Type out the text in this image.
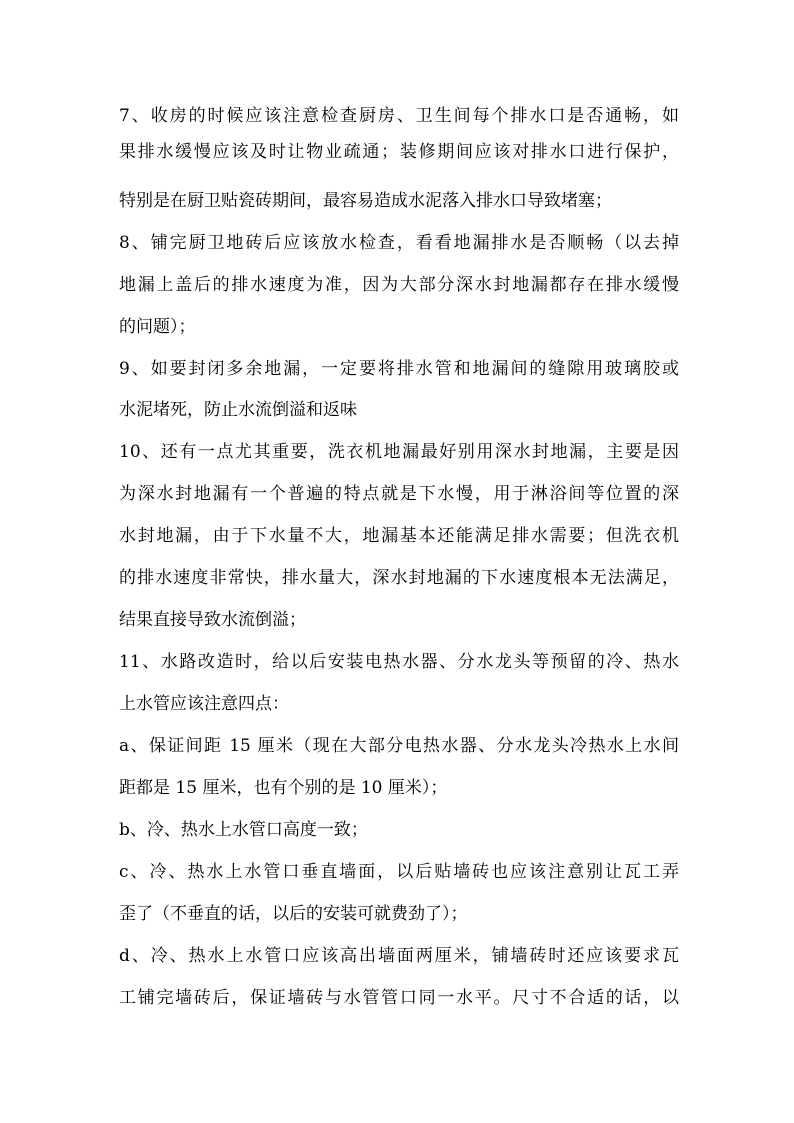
7、收房的时候应该注意检查厨房、卫生间每个排水口是否通畅，如
果排水缓慢应该及时让物业疏通；装修期间应该对排水口进行保护，
特别是在厨卫贴瓷砖期间，最容易造成水泥落入排水口导致堵塞；
8、铺完厨卫地砖后应该放水检查，看看地漏排水是否顺畅（以去掉
地漏上盖后的排水速度为准，因为大部分深水封地漏都存在排水缓慢
的问题）；
9、如要封闭多余地漏，一定要将排水管和地漏间的缝隙用玻璃胶或
水泥堵死，防止水流倒溢和返味
10、还有一点尤其重要，洗衣机地漏最好别用深水封地漏，主要是因
为深水封地漏有一个普遍的特点就是下水慢，用于淋浴间等位置的深
水封地漏，由于下水量不大，地漏基本还能满足排水需要；但洗衣机
的排水速度非常快，排水量大，深水封地漏的下水速度根本无法满足，
结果直接导致水流倒溢；
11、水路改造时，给以后安装电热水器、分水龙头等预留的冷、热水
上水管应该注意四点：
a、保证间距 15 厘米（现在大部分电热水器、分水龙头冷热水上水间
距都是 15 厘米，也有个别的是 10 厘米）；
b、冷、热水上水管口高度一致；
c、冷、热水上水管口垂直墙面，以后贴墙砖也应该注意别让瓦工弄
歪了（不垂直的话，以后的安装可就费劲了）；
d、冷、热水上水管口应该高出墙面两厘米，铺墙砖时还应该要求瓦
工铺完墙砖后，保证墙砖与水管管口同一水平。尺寸不合适的话，以
